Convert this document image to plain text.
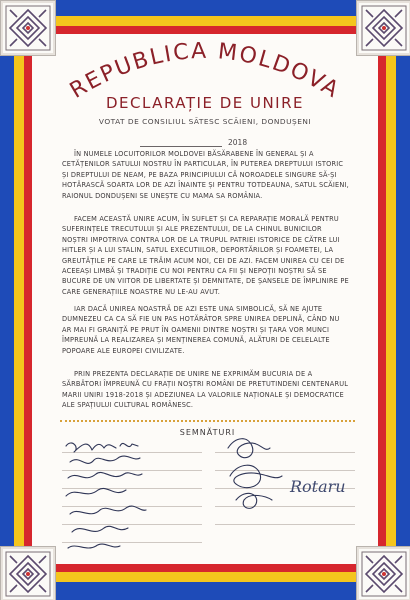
REPUBLICA MOLDOVA
DECLARAȚIE DE UNIRE
VOTAT DE CONSILIUL SĂTESC SCĂIENI, DONDUȘENI
2018
ÎN NUMELE LOCUITORILOR MOLDOVEI BĂSĂRABENE ÎN GENERAL ȘI A CETĂȚENILOR SATULUI NOSTRU ÎN PARTICULAR, ÎN PUTEREA DREPTULUI ISTORIC ȘI DREPTULUI DE NEAM, PE BAZA PRINCIPIULUI CĂ NOROADELE SINGURE SĂ-ȘI HOTĂRASCĂ SOARTA LOR DE AZI ÎNAINTE ȘI PENTRU TOTDEAUNA, SATUL SCĂIENI, RAIONUL DONDUȘENI SE UNEȘTE CU MAMA SA ROMÂNIA.
FACEM ACEASTĂ UNIRE ACUM, ÎN SUFLET ȘI CA REPARAȚIE MORALĂ PENTRU SUFERINȚELE TRECUTULUI ȘI ALE PREZENTULUI, DE LA CHINUL BUNICILOR NOȘTRI IMPOTRIVA CONTRA LOR DE LA TRUPUL PATRIEI ISTORICE DE CĂTRE LUI HITLER ȘI A LUI STALIN, SATUL EXECUTIILOR, DEPORTĂRILOR ȘI FOAMETEI, LA GREUTĂȚILE PE CARE LE TRĂIM ACUM NOI, CEI DE AZI. FACEM UNIREA CU CEI DE ACEEAȘI LIMBĂ ȘI TRADIȚIE CU NOI PENTRU CA FII ȘI NEPOȚII NOȘTRI SĂ SE BUCURE DE UN VIITOR DE LIBERTATE ȘI DEMNITATE, DE ȘANSELE DE ÎMPLINIRE PE CARE GENERAȚIILE NOASTRE NU LE-AU AVUT.
IAR DACĂ UNIREA NOASTRĂ DE AZI ESTE UNA SIMBOLICĂ, SĂ NE AJUTE DUMNEZEU CA CA SĂ FIE UN PAS HOTĂRÂTOR SPRE UNIREA DEPLINĂ, CÂND NU AR MAI FI GRANIȚĂ PE PRUT ÎN OAMENII DINTRE NOȘTRI ȘI ȚARA VOR MUNCI ÎMPREUNĂ LA REALIZAREA ȘI MENȚINEREA COMUNĂ, ALĂTURI DE CELELALTE POPOARE ALE EUROPEI CIVILIZATE.
PRIN PREZENTA DECLARAȚIE DE UNIRE NE EXPRIMĂM BUCURIA DE A SĂRBĂTORI ÎMPREUNĂ CU FRAȚII NOȘTRI ROMÂNI DE PRETUTINDENI CENTENARUL MARII UNIRI 1918-2018 ȘI ADEZIUNEA LA VALORILE NAȚIONALE ȘI DEMOCRATICE ALE SPAȚIULUI CULTURAL ROMÂNESC.
SEMNĂTURI
Rotaru
